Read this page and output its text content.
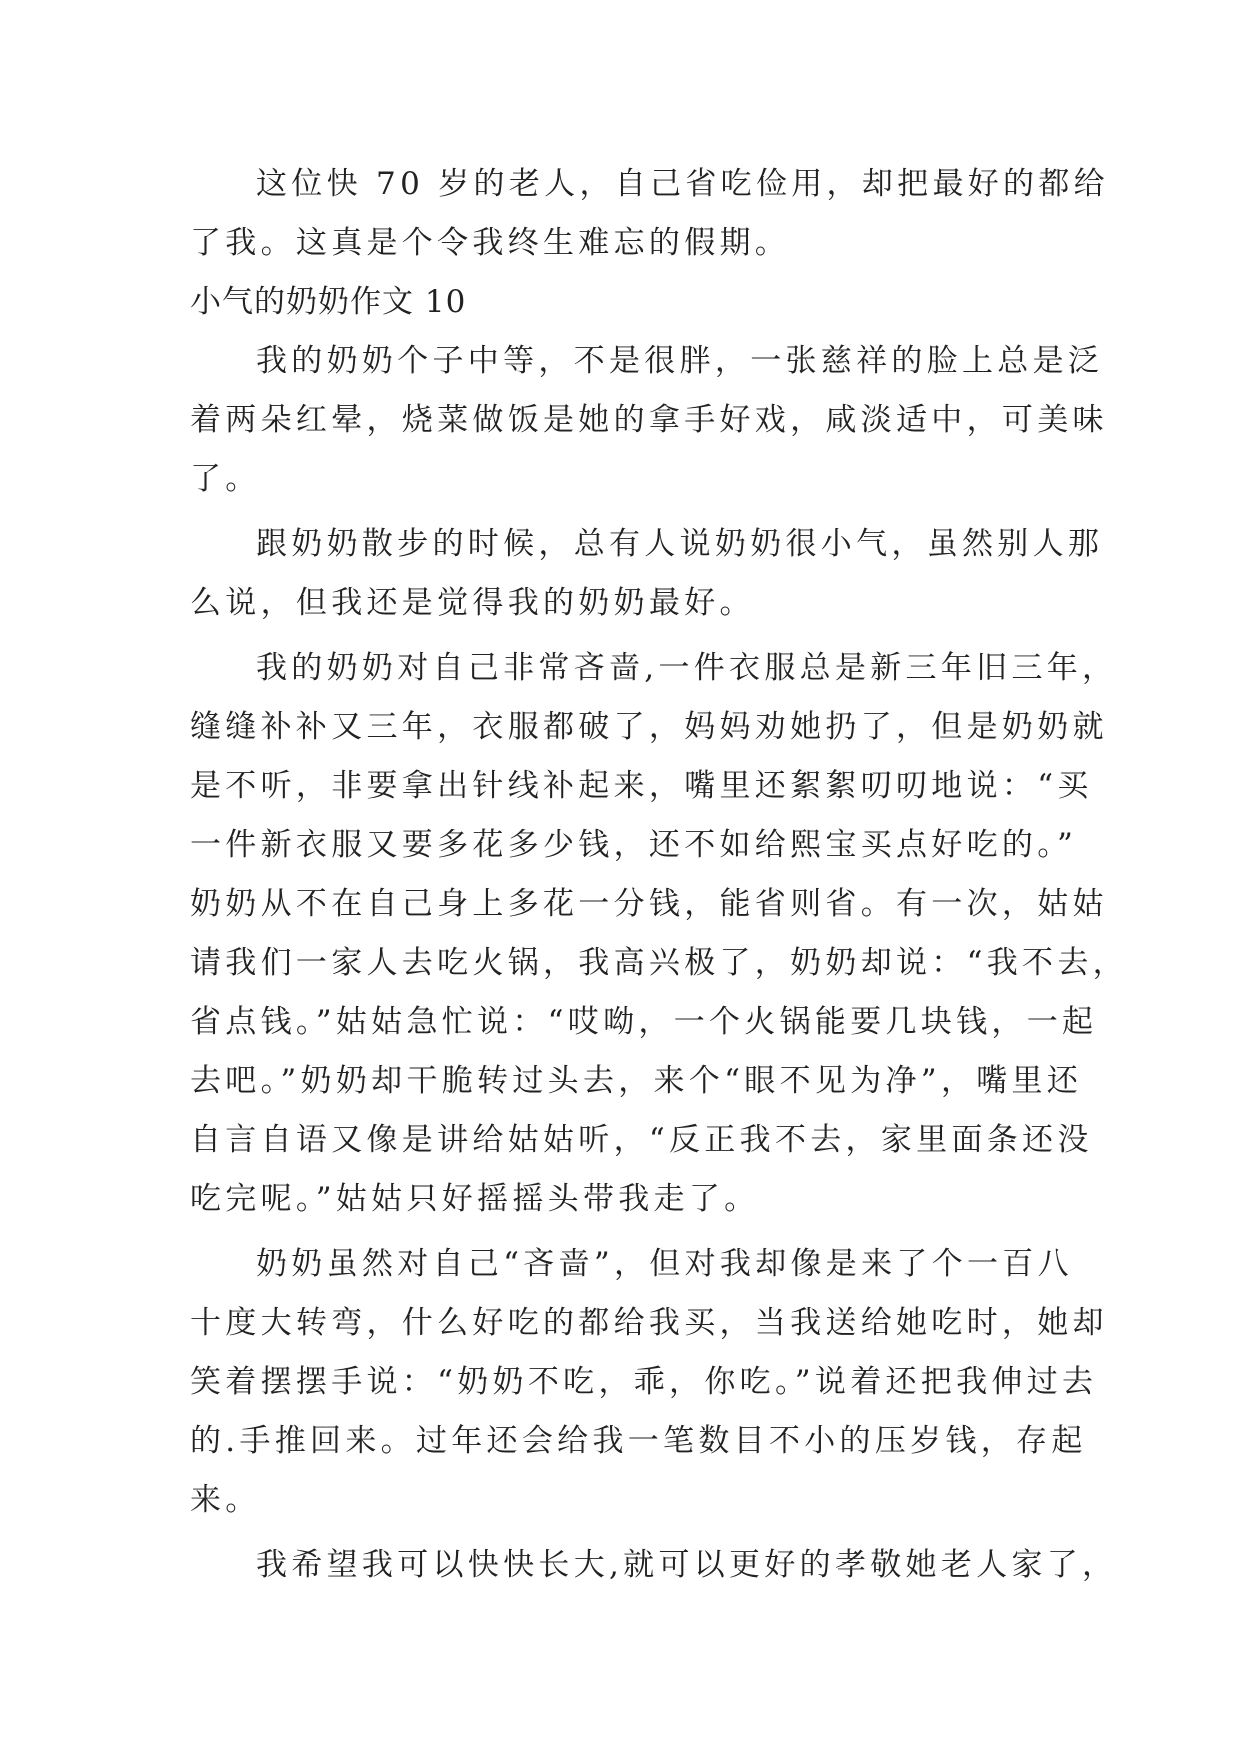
这位快 70 岁的老人，自己省吃俭用，却把最好的都给
了我。这真是个令我终生难忘的假期。
小气的奶奶作文 10
我的奶奶个子中等，不是很胖，一张慈祥的脸上总是泛
着两朵红晕，烧菜做饭是她的拿手好戏，咸淡适中，可美味
了。
跟奶奶散步的时候，总有人说奶奶很小气，虽然别人那
么说，但我还是觉得我的奶奶最好。
我的奶奶对自己非常吝啬,一件衣服总是新三年旧三年，
缝缝补补又三年，衣服都破了，妈妈劝她扔了，但是奶奶就
是不听，非要拿出针线补起来，嘴里还絮絮叨叨地说：“买
一件新衣服又要多花多少钱，还不如给熙宝买点好吃的。”
奶奶从不在自己身上多花一分钱，能省则省。有一次，姑姑
请我们一家人去吃火锅，我高兴极了，奶奶却说：“我不去，
省点钱。”姑姑急忙说：“哎呦，一个火锅能要几块钱，一起
去吧。”奶奶却干脆转过头去，来个“眼不见为净”，嘴里还
自言自语又像是讲给姑姑听，“反正我不去，家里面条还没
吃完呢。”姑姑只好摇摇头带我走了。
奶奶虽然对自己“吝啬”，但对我却像是来了个一百八
十度大转弯，什么好吃的都给我买，当我送给她吃时，她却
笑着摆摆手说：“奶奶不吃，乖，你吃。”说着还把我伸过去
的.手推回来。过年还会给我一笔数目不小的压岁钱，存起
来。
我希望我可以快快长大,就可以更好的孝敬她老人家了，
